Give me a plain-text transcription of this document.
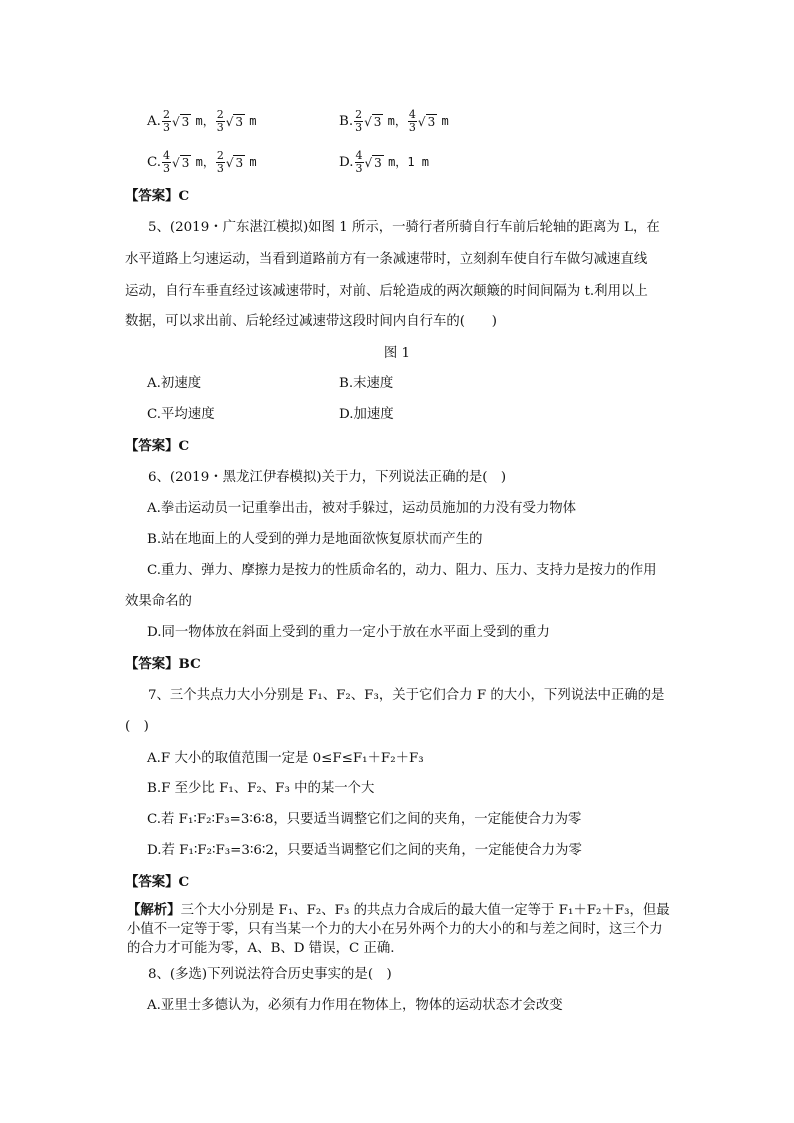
A. $\frac{2}{3}$ √ 3 m， $\frac{2}{3}$ √ 3 m	B. $\frac{2}{3}$ √ 3 m， $\frac{4}{3}$ √ 3 m
C. $\frac{4}{3}$ √ 3 m， $\frac{2}{3}$ √ 3 m	D. $\frac{4}{3}$ √ 3 m，1 m
【答案】C
5、(2019・广东湛江模拟)如图 1 所示，一骑行者所骑自行车前后轮轴的距离为 L，在
水平道路上匀速运动，当看到道路前方有一条减速带时，立刻刹车使自行车做匀减速直线
运动，自行车垂直经过该减速带时，对前、后轮造成的两次颠簸的时间间隔为 t.利用以上
数据，可以求出前、后轮经过减速带这段时间内自行车的(　　)
图 1
A.初速度	B.末速度
C.平均速度	D.加速度
【答案】C
6、(2019・黑龙江伊春模拟)关于力，下列说法正确的是(　)
A.拳击运动员一记重拳出击，被对手躲过，运动员施加的力没有受力物体
B.站在地面上的人受到的弹力是地面欲恢复原状而产生的
C.重力、弹力、摩擦力是按力的性质命名的，动力、阻力、压力、支持力是按力的作用
效果命名的
D.同一物体放在斜面上受到的重力一定小于放在水平面上受到的重力
【答案】BC
7、三个共点力大小分别是 F₁、F₂、F₃，关于它们合力 F 的大小，下列说法中正确的是
(　)
A.F 大小的取值范围一定是 0≤F≤F₁＋F₂＋F₃
B.F 至少比 F₁、F₂、F₃ 中的某一个大
C.若 F₁∶F₂∶F₃=3∶6∶8，只要适当调整它们之间的夹角，一定能使合力为零
D.若 F₁∶F₂∶F₃=3∶6∶2，只要适当调整它们之间的夹角，一定能使合力为零
【答案】C
【解析】三个大小分别是 F₁、F₂、F₃ 的共点力合成后的最大值一定等于 F₁＋F₂＋F₃，但最小值不一定等于零，只有当某一个力的大小在另外两个力的大小的和与差之间时，这三个力的合力才可能为零，A、B、D 错误，C 正确.
8、(多选)下列说法符合历史事实的是(　)
A.亚里士多德认为，必须有力作用在物体上，物体的运动状态才会改变
